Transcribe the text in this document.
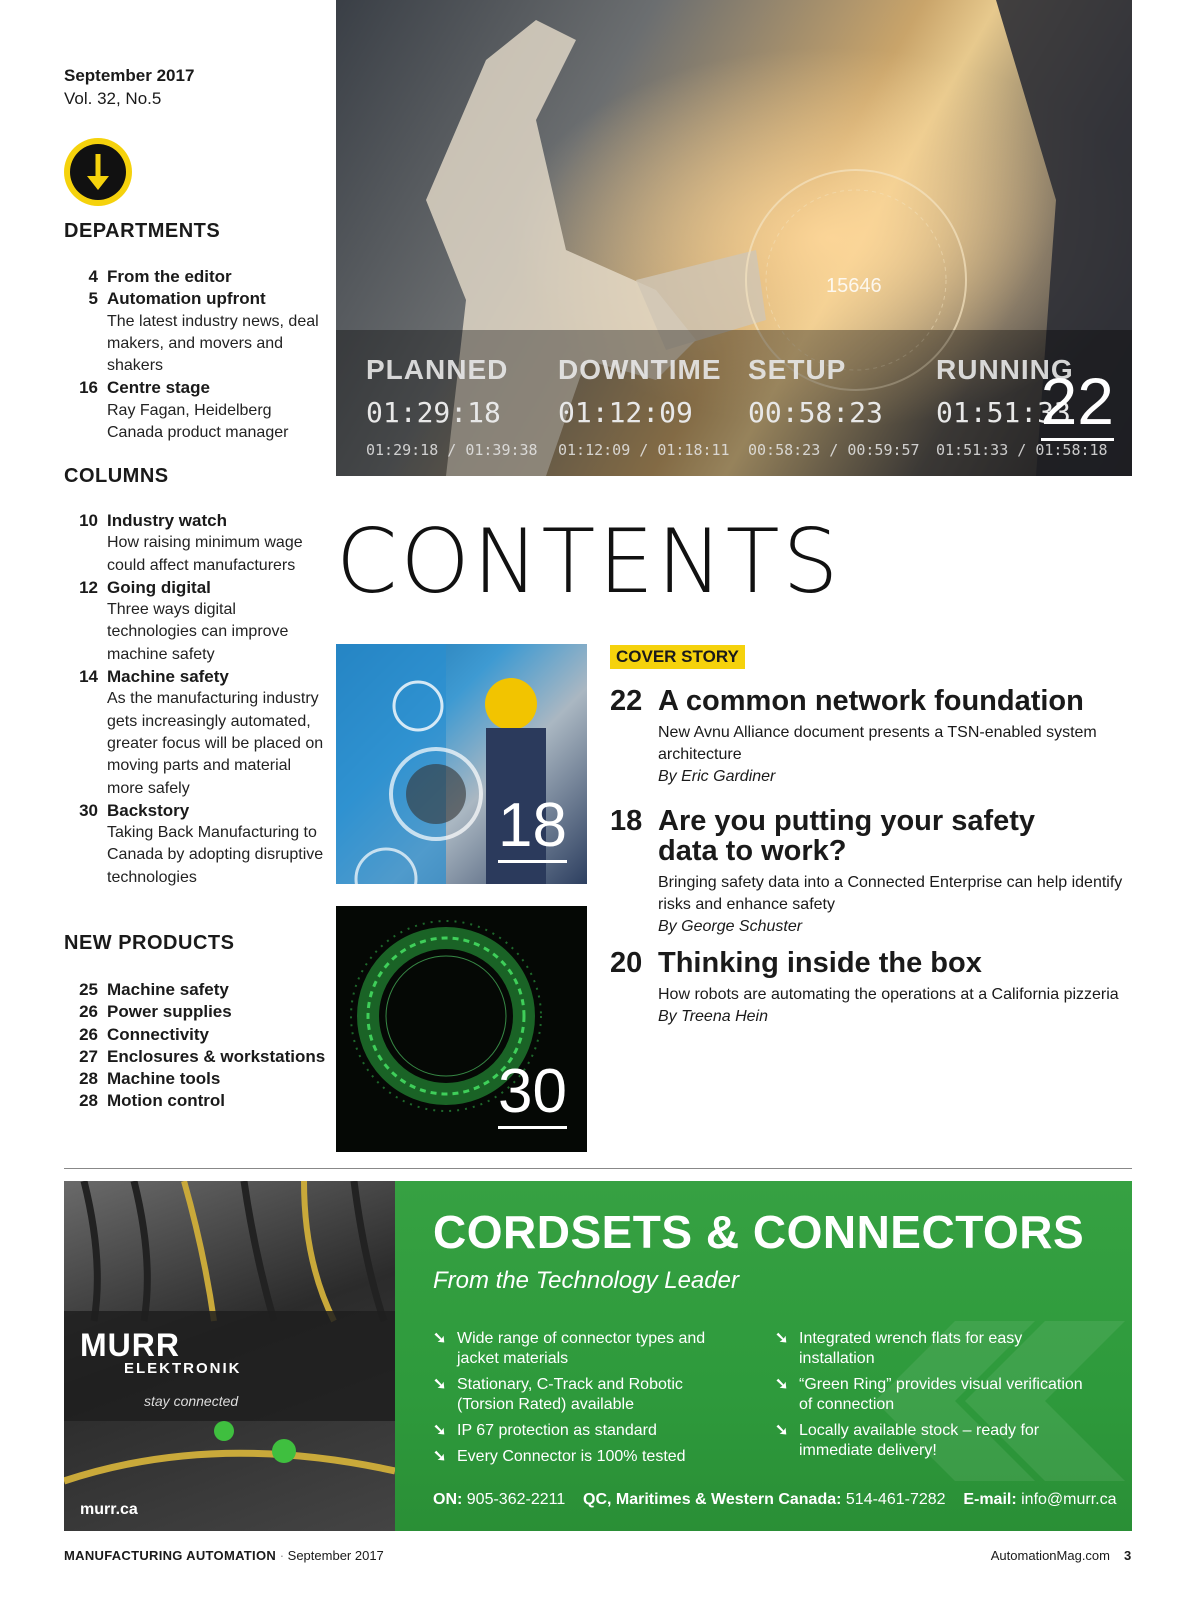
September 2017
Vol. 32, No.5
DEPARTMENTS
4 From the editor
5 Automation upfront
The latest industry news, deal makers, and movers and shakers
16 Centre stage
Ray Fagan, Heidelberg Canada product manager
COLUMNS
10 Industry watch
How raising minimum wage could affect manufacturers
12 Going digital
Three ways digital technologies can improve machine safety
14 Machine safety
As the manufacturing industry gets increasingly automated, greater focus will be placed on moving parts and material more safely
30 Backstory
Taking Back Manufacturing to Canada by adopting disruptive technologies
NEW PRODUCTS
25 Machine safety
26 Power supplies
26 Connectivity
27 Enclosures & workstations
28 Machine tools
28 Motion control
15646
PLANNED
01:29:18
01:29:18 / 01:39:38
DOWNTIME
01:12:09
01:12:09 / 01:18:11
SETUP
00:58:23
00:58:23 / 00:59:57
RUNNING
01:51:33
01:51:33 / 01:58:18
22
CONTENTS
18
30
COVER STORY
22 A common network foundation
New Avnu Alliance document presents a TSN-enabled system architecture
By Eric Gardiner
18 Are you putting your safety data to work?
Bringing safety data into a Connected Enterprise can help identify risks and enhance safety
By George Schuster
20 Thinking inside the box
How robots are automating the operations at a California pizzeria
By Treena Hein
MURR
ELEKTRONIK
stay connected
murr.ca
CORDSETS & CONNECTORS
From the Technology Leader
➘ Wide range of connector types and jacket materials
➘ Stationary, C-Track and Robotic (Torsion Rated) available
➘ IP 67 protection as standard
➘ Every Connector is 100% tested
➘ Integrated wrench flats for easy installation
➘ “Green Ring” provides visual verification of connection
➘ Locally available stock – ready for immediate delivery!
ON: 905-362-2211 QC, Maritimes & Western Canada: 514-461-7282 E-mail: info@murr.ca
MANUFACTURING AUTOMATION · September 2017	AutomationMag.com 3
